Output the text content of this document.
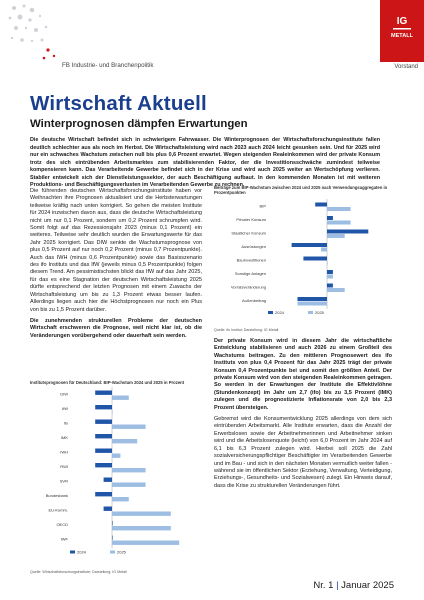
FB Industrie- und Branchenpolitik
IG
METALL
Vorstand
Wirtschaft Aktuell
Winterprognosen dämpfen Erwartungen
Die deutsche Wirtschaft befindet sich in schwierigem Fahrwasser. Die Winterprognosen der Wirtschaftsforschungsinstitute fallen deutlich schlechter aus als noch im Herbst. Die Wirtschaftsleistung wird nach 2023 auch 2024 leicht gesunken sein. Und für 2025 wird nur ein schwaches Wachstum zwischen null bis plus 0,6 Prozent erwartet. Wegen steigenden Realeinkommen wird der private Konsum trotz des sich eintrübenden Arbeitsmarktes zum stabilisierenden Faktor, der die Investitionsschwäche zumindest teilweise kompensieren kann. Das Verarbeitende Gewerbe befindet sich in der Krise und wird auch 2025 weiter an Wertschöpfung verlieren. Stabiler entwickelt sich der Dienstleistungssektor, der auch Beschäftigung aufbaut. In den kommenden Monaten ist mit weiteren Produktions- und Beschäftigungsverlusten im Verarbeitenden Gewerbe zu rechnen.

Die führenden deutschen Wirtschaftsforschungsinstitute haben vor Weihnachten ihre Prognosen aktualisiert und die Herbsterwartungen teilweise kräftig nach unten korrigiert. So gehen die meisten Institute für 2024 inzwischen davon aus, dass die deutsche Wirtschaftsleistung nicht um nur 0,1 Prozent, sondern um 0,2 Prozent schrumpfen wird. Somit folgt auf das Rezessionsjahr 2023 (minus 0,1 Prozent) ein weiteres. Teilweise sehr deutlich wurden die Erwartungswerte für das Jahr 2025 korrigiert. Das DIW senkte die Wachstumsprognose von plus 0,5 Prozent auf nur noch 0,2 Prozent (minus 0,7 Prozentpunkte). Auch das IWH (minus 0,6 Prozentpunkte) sowie das Basisszenario des ifo Instituts und das IfW (jeweils minus 0,5 Prozentpunkte) folgen diesem Trend. Am pessimistischsten blickt das IfW auf das Jahr 2025, für das es eine Stagnation der deutschen Wirtschaftsleistung 2025 dürfte entsprechend der letzten Prognosen mit einem Zuwachs der Wirtschaftsleistung um bis zu 1,3 Prozent etwas besser laufen. Allerdings liegen auch hier die Höchstprognosen nur noch ein Plus von bis zu 1,5 Prozent darüber.

Die zunehmenden strukturellen Probleme der deutschen Wirtschaft erschweren die Prognose, weil nicht klar ist, ob die Veränderungen vorübergehend oder dauerhaft sein werden.

Beiträge zum BIP-Wachstum zwischen 2024 und 2025 nach Verwendungsaggregaten in Prozentpunkten
BIP
Privater Konsum
Staatlicher Konsum
Ausrüstungen
Bauinvestitionen
Sonstige Anlagen
Vorratsveränderung
Außenbeitrag
2024	2025
Quelle: ifo Institut; Darstellung: IG Metall
Institutsprognosen für Deutschland: BIP-Wachstum 2024 und 2025 in Prozent
DIW
IfW
ifo
IMK
IWH
RWI
SVR
Bundesbank
EU-Komm.
OECD
IWF
2024	2025
Quelle: Wirtschaftsforschungsinstitute; Darstellung: IG Metall

Der private Konsum wird in diesem Jahr die wirtschaftliche Entwicklung stabilisieren und auch 2026 zu einem Großteil des Wachstums beitragen. Zu den mittleren Prognosewert des ifo Instituts von plus 0,4 Prozent für das Jahr 2025 trägt der private Konsum 0,4 Prozentpunkte bei und somit den größten Anteil. Der private Konsum wird von den steigenden Realeinkommen getragen. So werden in der Erwartungen der Institute die Effektivlöhne (Stundenkonzept) im Jahr um 2,7 (ifo) bis zu 3,5 Prozent (IMK) zulegen und die prognostizierte Inflationsrate von 2,0 bis 2,3 Prozent übersteigen.

Gebremst wird die Konsumentwicklung 2025 allerdings von dem sich eintrübenden Arbeitsmarkt. Alle Institute erwarten, dass die Anzahl der Erwerbslosen sowie der Arbeitnehmerinnen und Arbeitnehmer sinken wird und die Arbeitslosenquote (leicht) von 6,0 Prozent im Jahr 2024 auf 6,1 bis 6,3 Prozent zulegen wird. Hierbei soll 2025 die Zahl sozialversicherungspflichtiger Beschäftigter im Verarbeitenden Gewerbe und im Bau - und sich in den nächsten Monaten vermutlich weiter fallen - während sie im öffentlichen Sektor (Erziehung, Verwaltung, Verteidigung, Erziehungs-, Gesundheits- und Sozialwesen) zulegt. Ein Hinweis darauf, dass die Krise zu strukturellen Veränderungen führt.

Nr. 1 | Januar 2025
